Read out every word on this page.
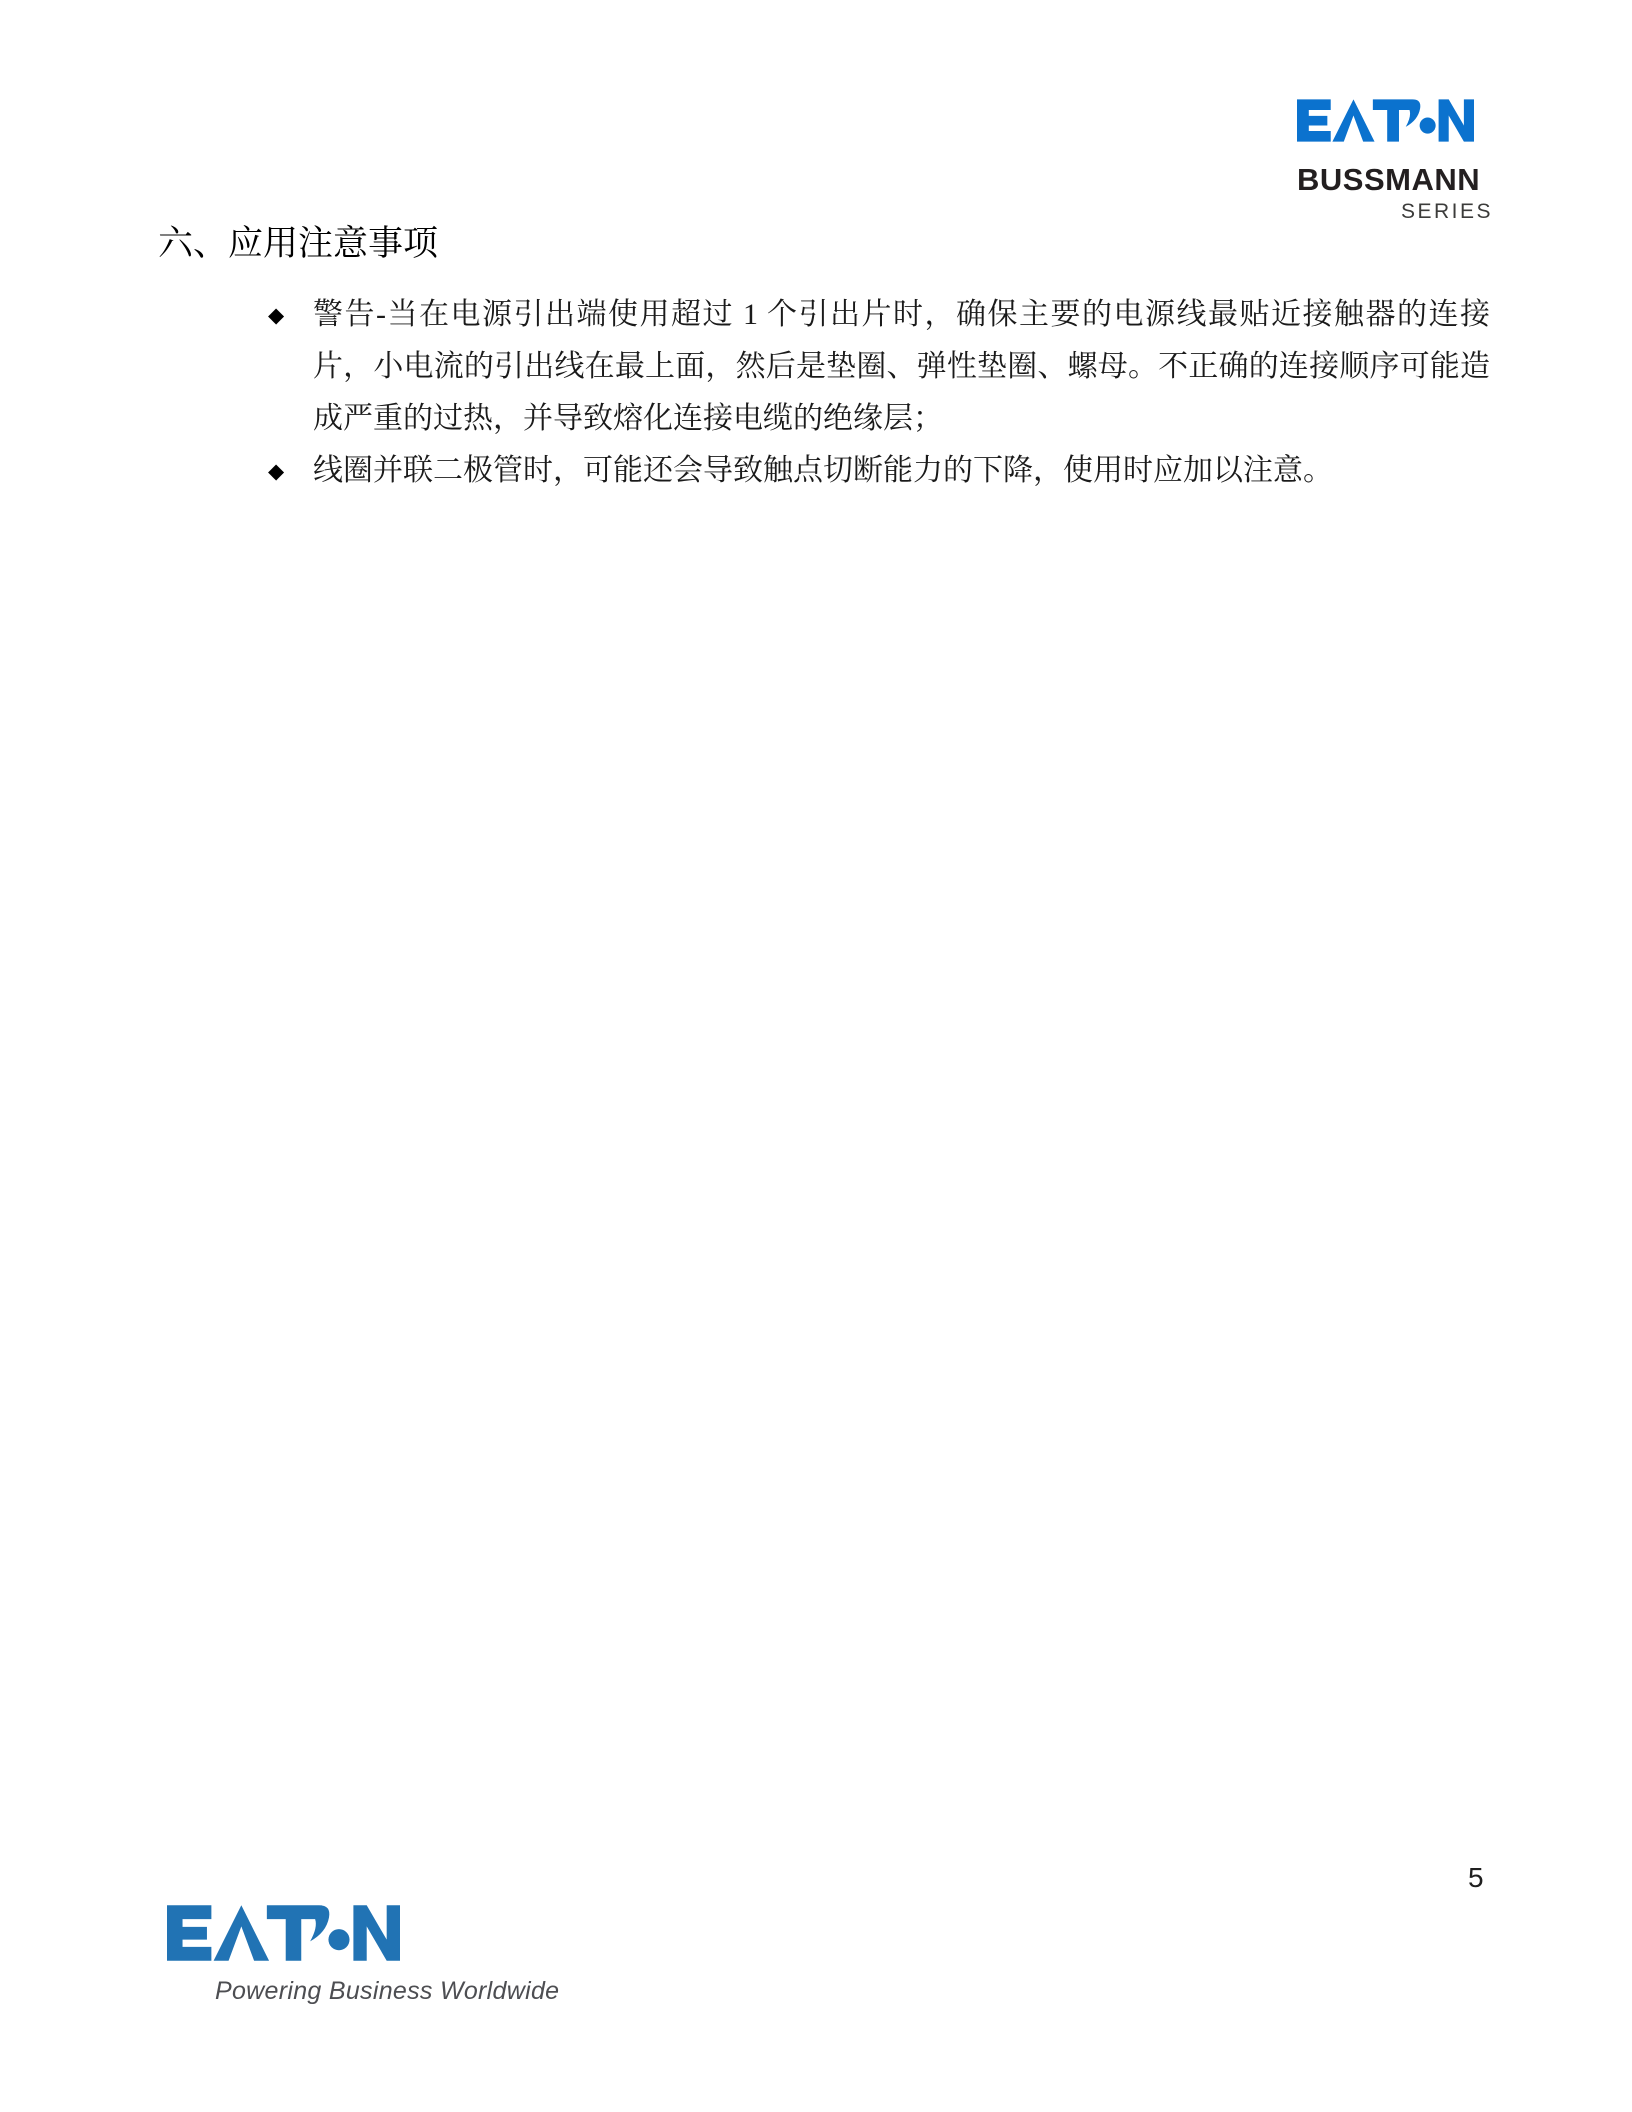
BUSSMANN
SERIES
六、应用注意事项
◆ 警告-当在电源引出端使用超过 1 个引出片时，确保主要的电源线最贴近接触器的连接片，小电流的引出线在最上面，然后是垫圈、弹性垫圈、螺母。不正确的连接顺序可能造成严重的过热，并导致熔化连接电缆的绝缘层；
◆ 线圈并联二极管时，可能还会导致触点切断能力的下降，使用时应加以注意。
5
Powering Business Worldwide
